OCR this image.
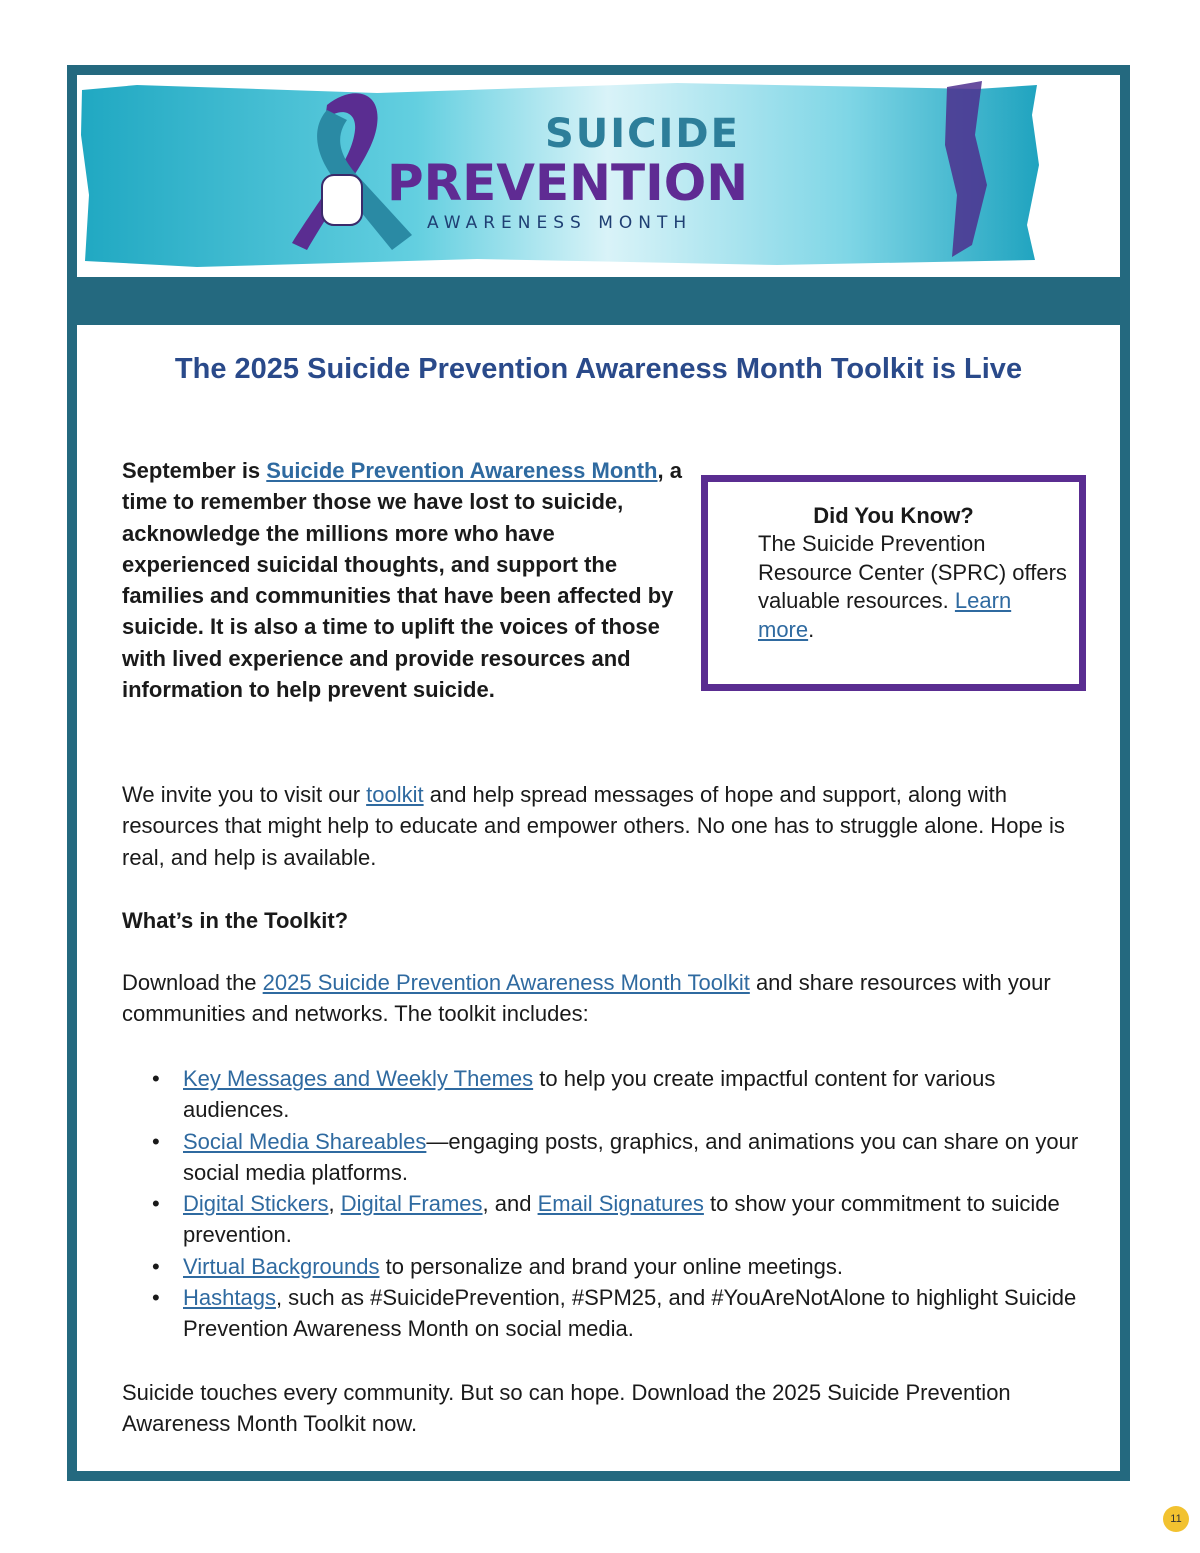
SUICIDE
PREVENTION
AWARENESS MONTH
The 2025 Suicide Prevention Awareness Month Toolkit is Live

September is Suicide Prevention Awareness Month, a time to remember those we have lost to suicide, acknowledge the millions more who have experienced suicidal thoughts, and support the families and communities that have been affected by suicide. It is also a time to uplift the voices of those with lived experience and provide resources and information to help prevent suicide.

Did You Know?
The Suicide Prevention Resource Center (SPRC) offers valuable resources. Learn more.

We invite you to visit our toolkit and help spread messages of hope and support, along with resources that might help to educate and empower others. No one has to struggle alone. Hope is real, and help is available.

What’s in the Toolkit?

Download the 2025 Suicide Prevention Awareness Month Toolkit and share resources with your communities and networks. The toolkit includes:

• Key Messages and Weekly Themes to help you create impactful content for various audiences.
• Social Media Shareables—engaging posts, graphics, and animations you can share on your social media platforms.
• Digital Stickers, Digital Frames, and Email Signatures to show your commitment to suicide prevention.
• Virtual Backgrounds to personalize and brand your online meetings.
• Hashtags, such as #SuicidePrevention, #SPM25, and #YouAreNotAlone to highlight Suicide Prevention Awareness Month on social media.

Suicide touches every community. But so can hope. Download the 2025 Suicide Prevention Awareness Month Toolkit now.

11
